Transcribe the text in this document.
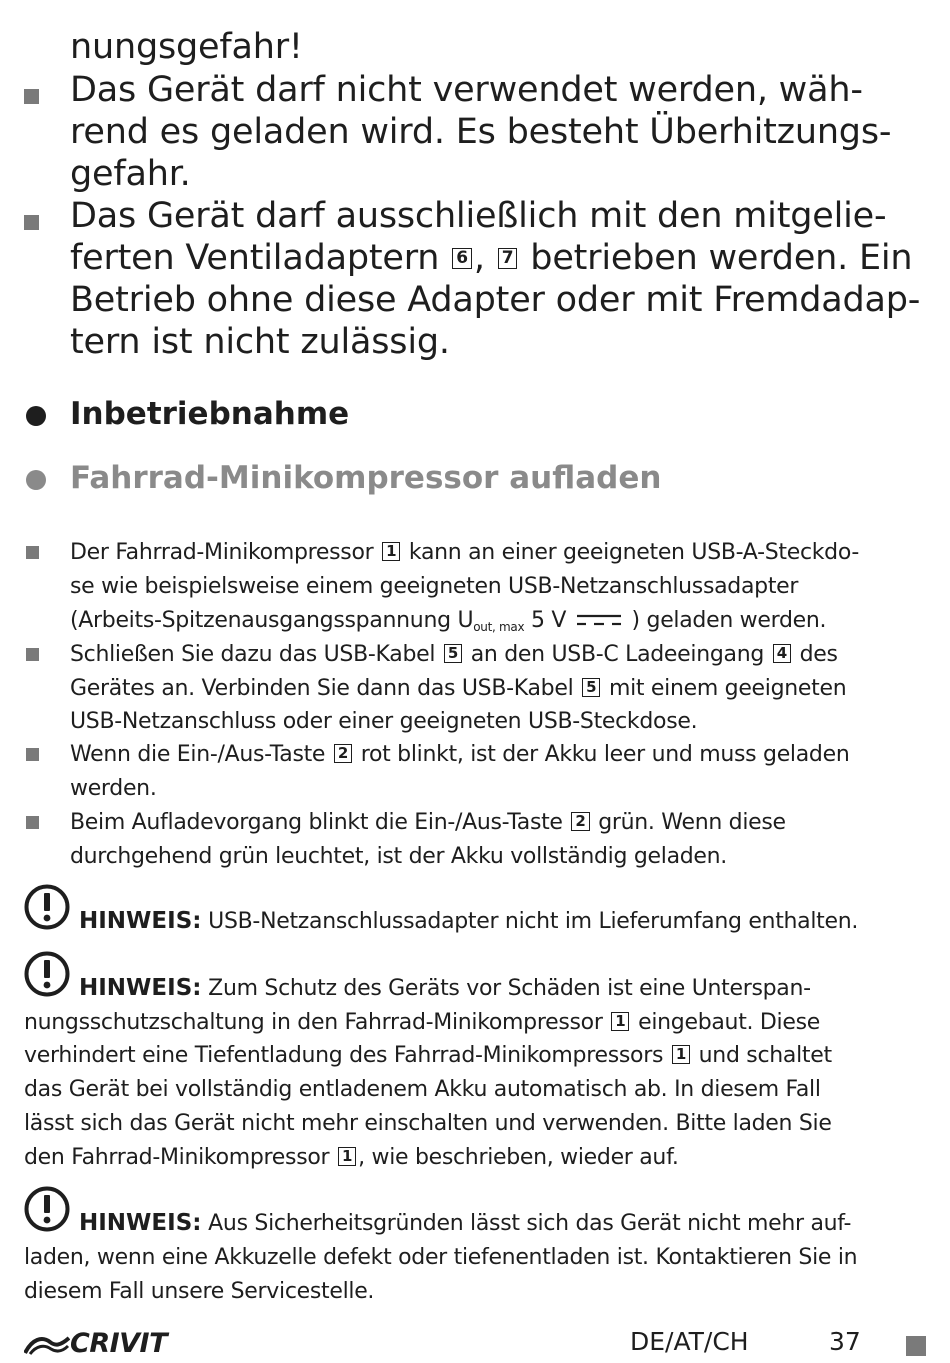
nungsgefahr!
Das Gerät darf nicht verwendet werden, wäh-
rend es geladen wird. Es besteht Überhitzungs-
gefahr.
Das Gerät darf ausschließlich mit den mitgelie-
ferten Ventiladaptern 6 , 7 betrieben werden. Ein
Betrieb ohne diese Adapter oder mit Fremdadap-
tern ist nicht zulässig.
Inbetriebnahme
Fahrrad-Minikompressor aufladen
Der Fahrrad-Minikompressor 1 kann an einer geeigneten USB-A-Steckdo-
se wie beispielsweise einem geeigneten USB-Netzanschlussadapter
(Arbeits-Spitzenausgangsspannung $U_{out, max}$ 5 V	) geladen werden.
Schließen Sie dazu das USB-Kabel 5 an den USB-C Ladeeingang 4 des
Gerätes an. Verbinden Sie dann das USB-Kabel 5 mit einem geeigneten
USB-Netzanschluss oder einer geeigneten USB-Steckdose.
Wenn die Ein-/Aus-Taste 2 rot blinkt, ist der Akku leer und muss geladen
werden.
Beim Aufladevorgang blinkt die Ein-/Aus-Taste 2 grün. Wenn diese
durchgehend grün leuchtet, ist der Akku vollständig geladen.
HINWEIS: USB-Netzanschlussadapter nicht im Lieferumfang enthalten.
HINWEIS: Zum Schutz des Geräts vor Schäden ist eine Unterspan-
nungsschutzschaltung in den Fahrrad-Minikompressor 1 eingebaut. Diese
verhindert eine Tiefentladung des Fahrrad-Minikompressors 1 und schaltet
das Gerät bei vollständig entladenem Akku automatisch ab. In diesem Fall
lässt sich das Gerät nicht mehr einschalten und verwenden. Bitte laden Sie
den Fahrrad-Minikompressor 1 , wie beschrieben, wieder auf.
HINWEIS: Aus Sicherheitsgründen lässt sich das Gerät nicht mehr auf-
laden, wenn eine Akkuzelle defekt oder tiefenentladen ist. Kontaktieren Sie in
diesem Fall unsere Servicestelle.
CRIVIT	DE/AT/CH	37
